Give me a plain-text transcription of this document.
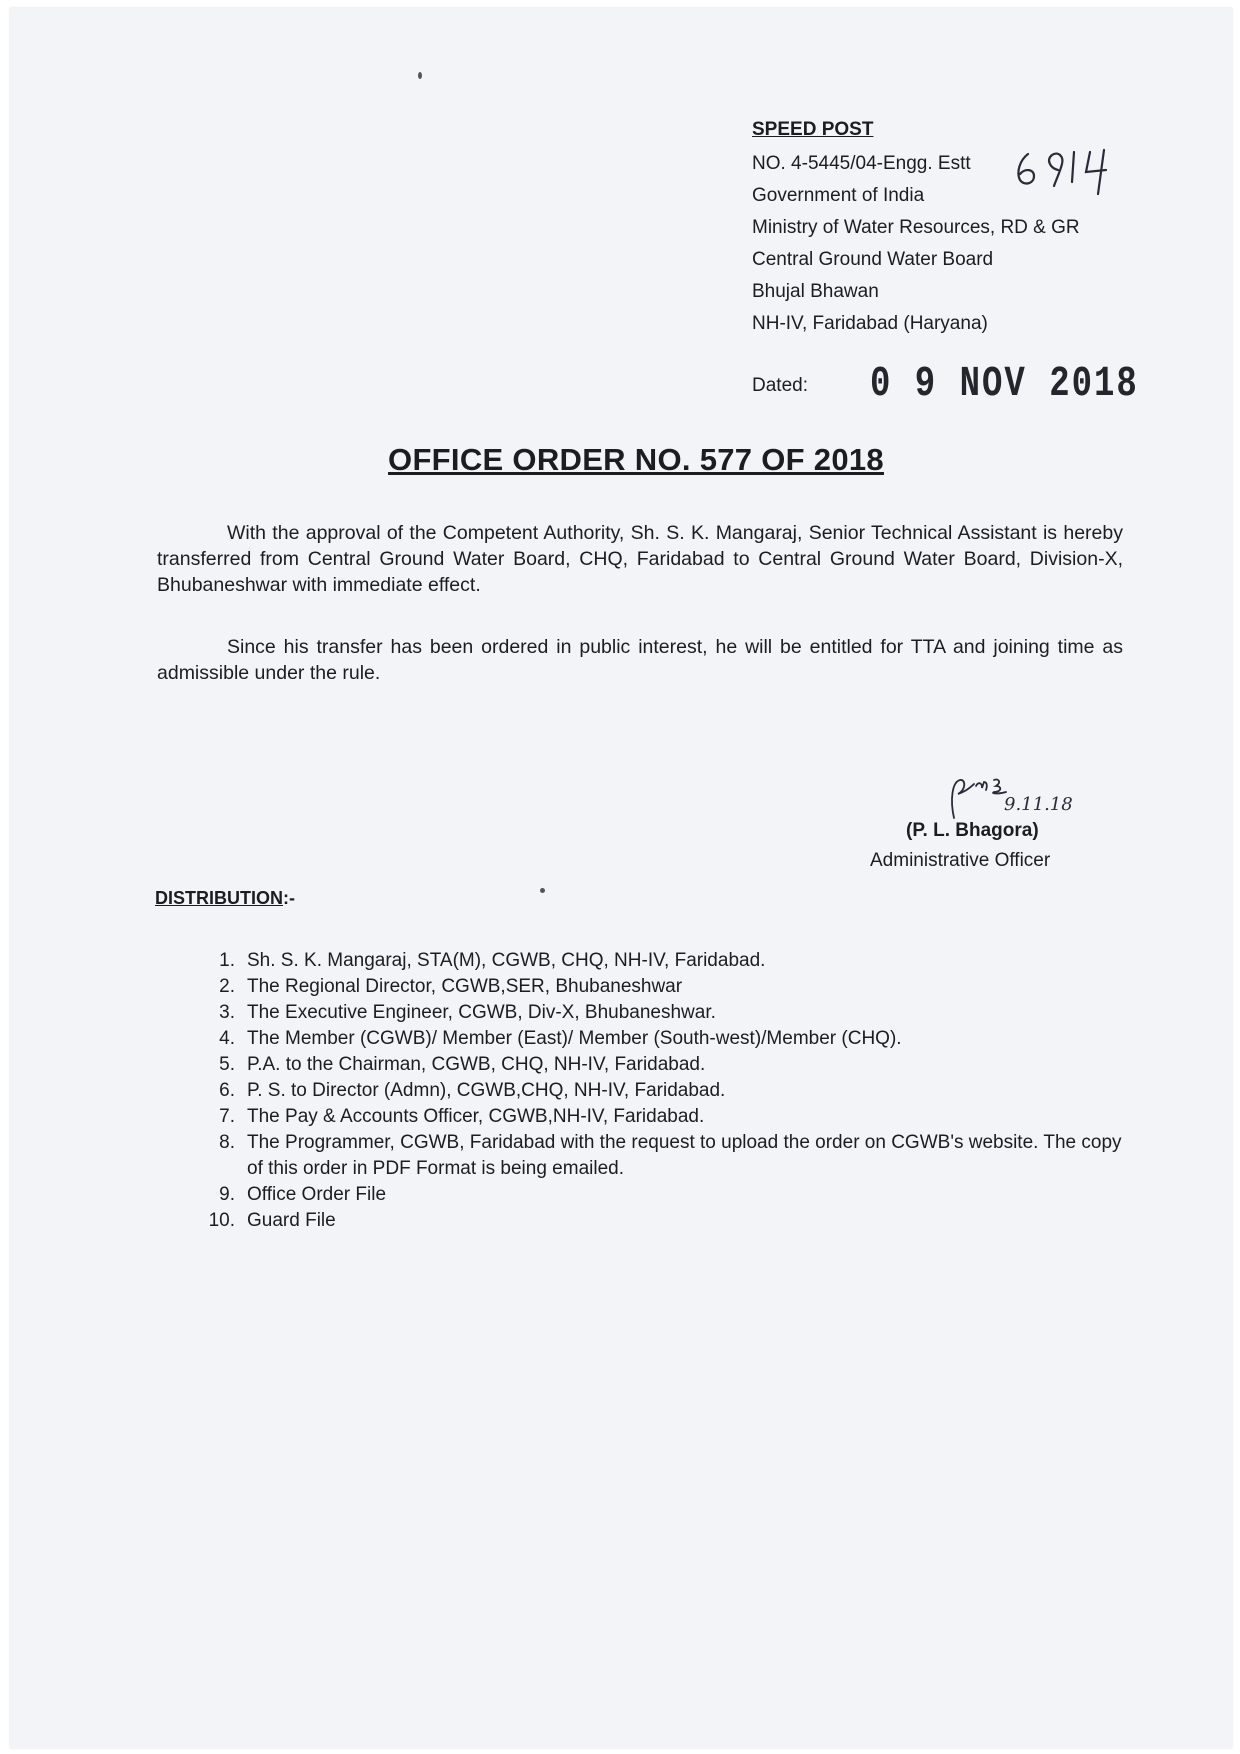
SPEED POST
NO. 4-5445/04-Engg. Estt
Government of India
Ministry of Water Resources, RD & GR
Central Ground Water Board
Bhujal Bhawan
NH-IV, Faridabad (Haryana)
Dated: 0 9 NOV 2018
OFFICE ORDER NO. 577 OF 2018
With the approval of the Competent Authority, Sh. S. K. Mangaraj, Senior Technical Assistant is hereby transferred from Central Ground Water Board, CHQ, Faridabad to Central Ground Water Board, Division-X, Bhubaneshwar with immediate effect.
Since his transfer has been ordered in public interest, he will be entitled for TTA and joining time as admissible under the rule.
9.11.18
(P. L. Bhagora)
Administrative Officer
DISTRIBUTION:-
1. Sh. S. K. Mangaraj, STA(M), CGWB, CHQ, NH-IV, Faridabad.
2. The Regional Director, CGWB,SER, Bhubaneshwar
3. The Executive Engineer, CGWB, Div-X, Bhubaneshwar.
4. The Member (CGWB)/ Member (East)/ Member (South-west)/Member (CHQ).
5. P.A. to the Chairman, CGWB, CHQ, NH-IV, Faridabad.
6. P. S. to Director (Admn), CGWB,CHQ, NH-IV, Faridabad.
7. The Pay & Accounts Officer, CGWB,NH-IV, Faridabad.
8. The Programmer, CGWB, Faridabad with the request to upload the order on CGWB's website. The copy of this order in PDF Format is being emailed.
9. Office Order File
10. Guard File
